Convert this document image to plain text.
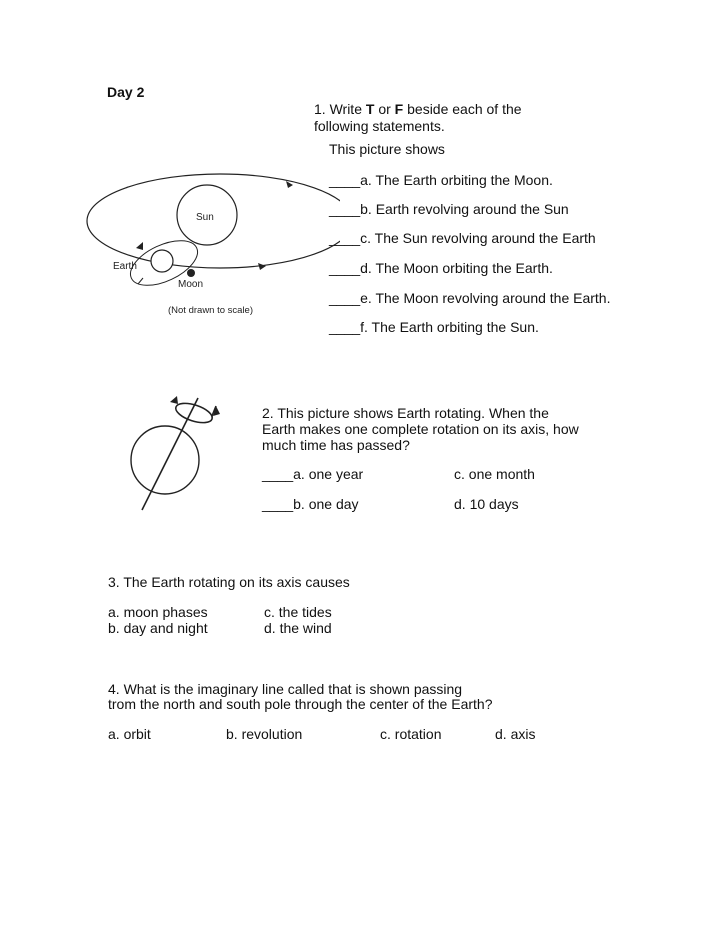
Day 2
1. Write T or F beside each of the
following statements.
This picture shows
____a. The Earth orbiting the Moon.
____b. Earth revolving around the Sun
____c. The Sun revolving around the Earth
____d. The Moon orbiting the Earth.
____e. The Moon revolving around the Earth.
____f. The Earth orbiting the Sun.
Sun
Earth
Moon
(Not drawn to scale)
2. This picture shows Earth rotating. When the
Earth makes one complete rotation on its axis, how
much time has passed?
____a. one year	c. one month
____b. one day	d. 10 days
3. The Earth rotating on its axis causes
a. moon phases	c. the tides
b. day and night	d. the wind
4. What is the imaginary line called that is shown passing
trom the north and south pole through the center of the Earth?
a. orbit	b. revolution	c. rotation	d. axis
